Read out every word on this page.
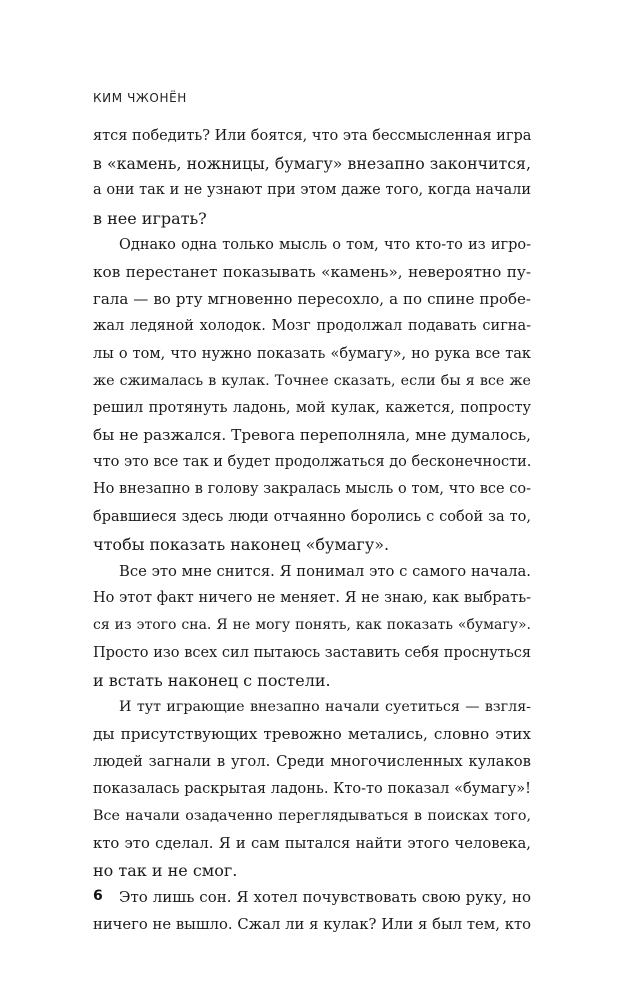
КИМ ЧЖОНЁН
ятся победить? Или боятся, что эта бессмысленная игра
в «камень, ножницы, бумагу» внезапно закончится,
а они так и не узнают при этом даже того, когда начали
в нее играть?
Однако одна только мысль о том, что кто-то из игро-
ков перестанет показывать «камень», невероятно пу-
гала — во рту мгновенно пересохло, а по спине пробе-
жал ледяной холодок. Мозг продолжал подавать сигна-
лы о том, что нужно показать «бумагу», но рука все так
же сжималась в кулак. Точнее сказать, если бы я все же
решил протянуть ладонь, мой кулак, кажется, попросту
бы не разжался. Тревога переполняла, мне думалось,
что это все так и будет продолжаться до бесконечности.
Но внезапно в голову закралась мысль о том, что все со-
бравшиеся здесь люди отчаянно боролись с собой за то,
чтобы показать наконец «бумагу».
Все это мне снится. Я понимал это с самого начала.
Но этот факт ничего не меняет. Я не знаю, как выбрать-
ся из этого сна. Я не могу понять, как показать «бумагу».
Просто изо всех сил пытаюсь заставить себя проснуться
и встать наконец с постели.
И тут играющие внезапно начали суетиться — взгля-
ды присутствующих тревожно метались, словно этих
людей загнали в угол. Среди многочисленных кулаков
показалась раскрытая ладонь. Кто-то показал «бумагу»!
Все начали озадаченно переглядываться в поисках того,
кто это сделал. Я и сам пытался найти этого человека,
но так и не смог.
Это лишь сон. Я хотел почувствовать свою руку, но
ничего не вышло. Сжал ли я кулак? Или я был тем, кто
6
